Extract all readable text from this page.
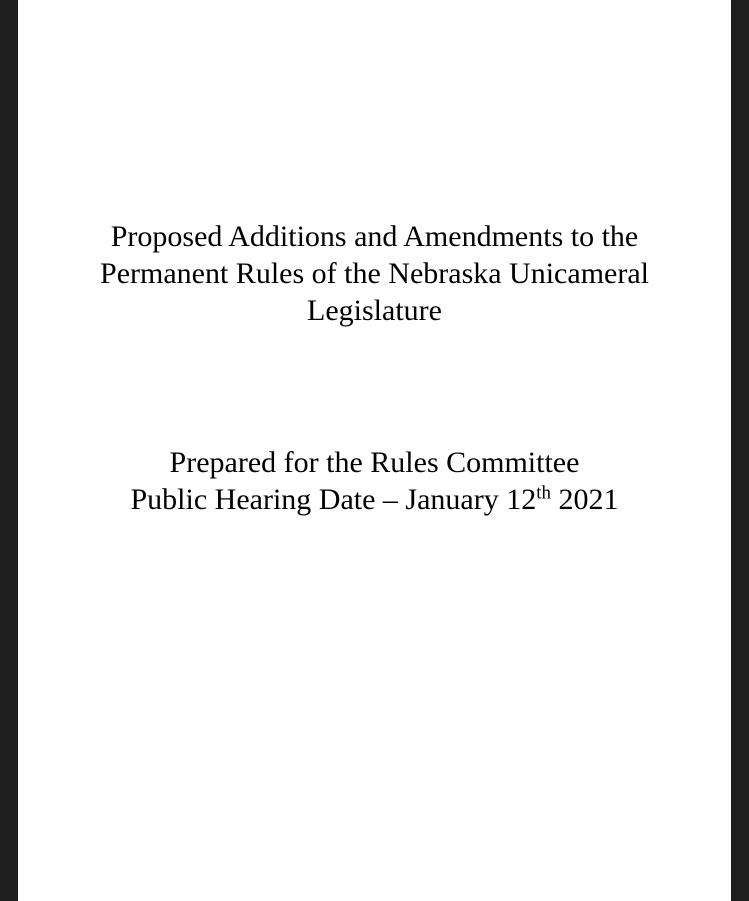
Proposed Additions and Amendments to the
Permanent Rules of the Nebraska Unicameral
Legislature
Prepared for the Rules Committee
Public Hearing Date – January 12th 2021
